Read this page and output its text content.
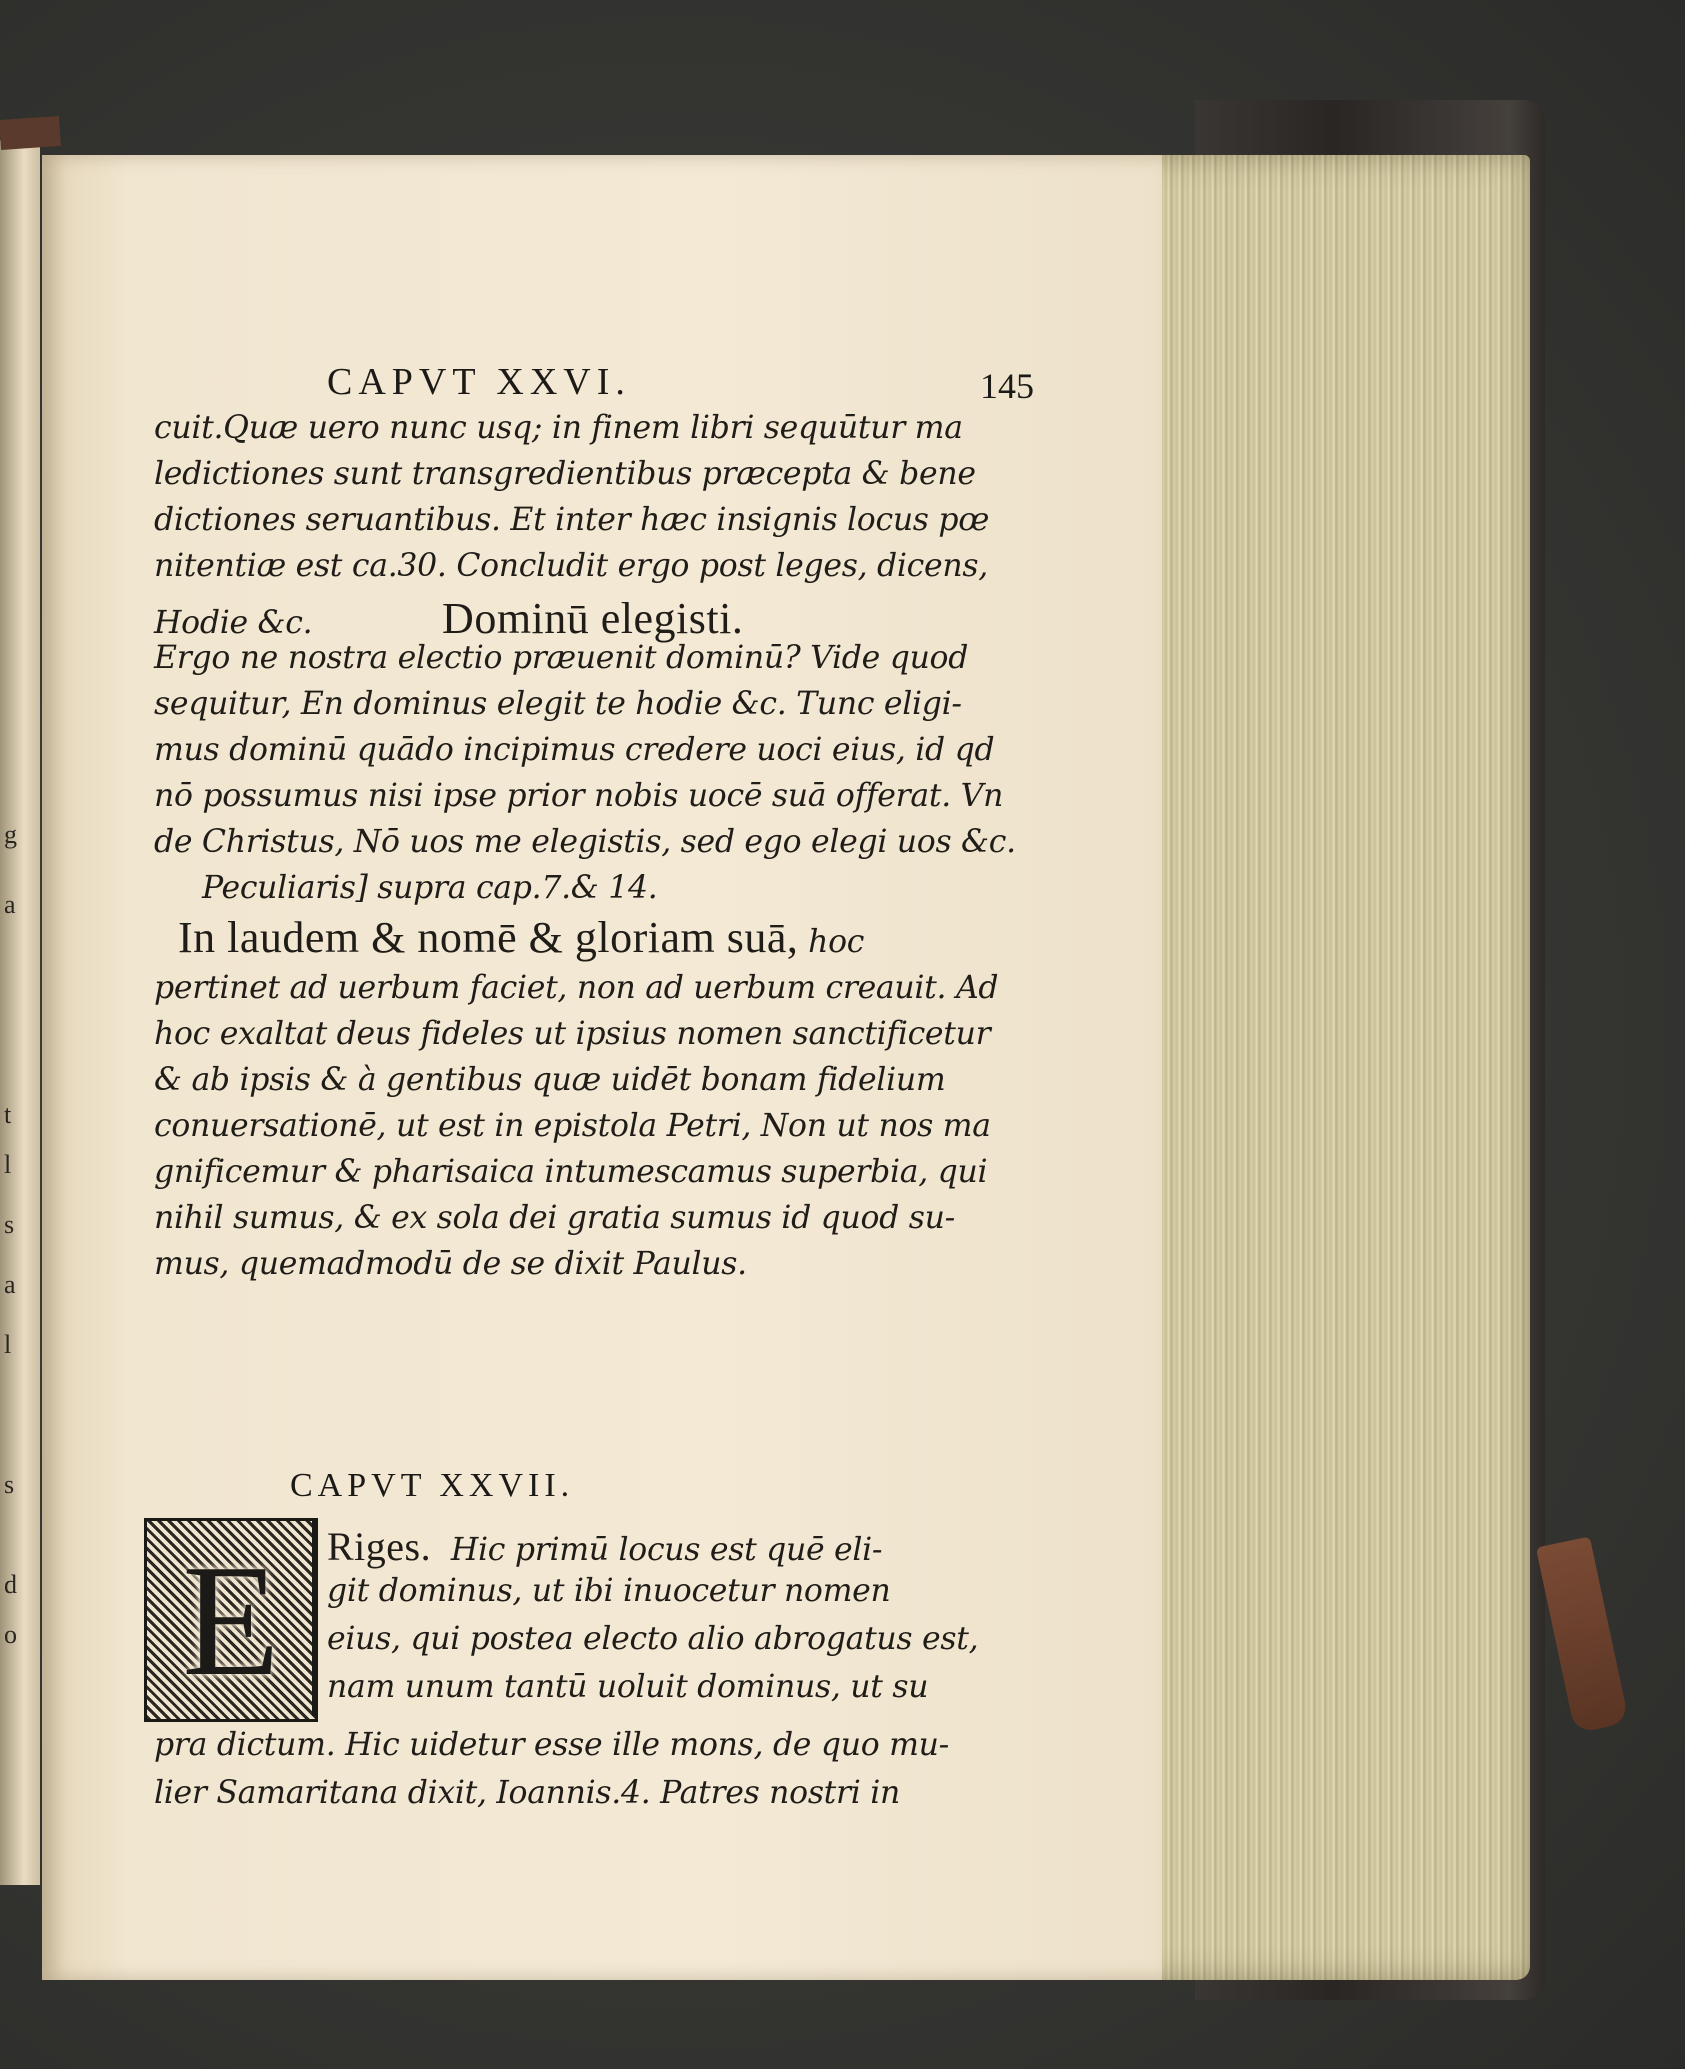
CAPVT XXVI.	145
cuit.Quæ uero nunc usq; in finem libri sequūtur ma
ledictiones sunt transgredientibus præcepta & bene
dictiones seruantibus. Et inter hæc insignis locus pœ
nitentiæ est ca.30. Concludit ergo post leges, dicens,
Hodie &c.	Dominū elegisti.
Ergo ne nostra electio præuenit dominū? Vide quod
sequitur, En dominus elegit te hodie &c. Tunc eligi-
mus dominū quādo incipimus credere uoci eius, id qd
nō possumus nisi ipse prior nobis uocē suā offerat. Vn
de Christus, Nō uos me elegistis, sed ego elegi uos &c.
Peculiaris] supra cap.7.& 14.
In laudem & nomē & gloriam suā, hoc
pertinet ad uerbum faciet, non ad uerbum creauit. Ad
hoc exaltat deus fideles ut ipsius nomen sanctificetur
& ab ipsis & à gentibus quæ uidēt bonam fidelium
conuersationē, ut est in epistola Petri, Non ut nos ma
gnificemur & pharisaica intumescamus superbia, qui
nihil sumus, & ex sola dei gratia sumus id quod su-
mus, quemadmodū de se dixit Paulus.
CAPVT XXVII.
E	Riges. Hic primū locus est quē eli-
git dominus, ut ibi inuocetur nomen
eius, qui postea electo alio abrogatus est,
nam unum tantū uoluit dominus, ut su
pra dictum. Hic uidetur esse ille mons, de quo mu-
lier Samaritana dixit, Ioannis.4. Patres nostri in
g
a
t
l
s
a
l
s
d
o
